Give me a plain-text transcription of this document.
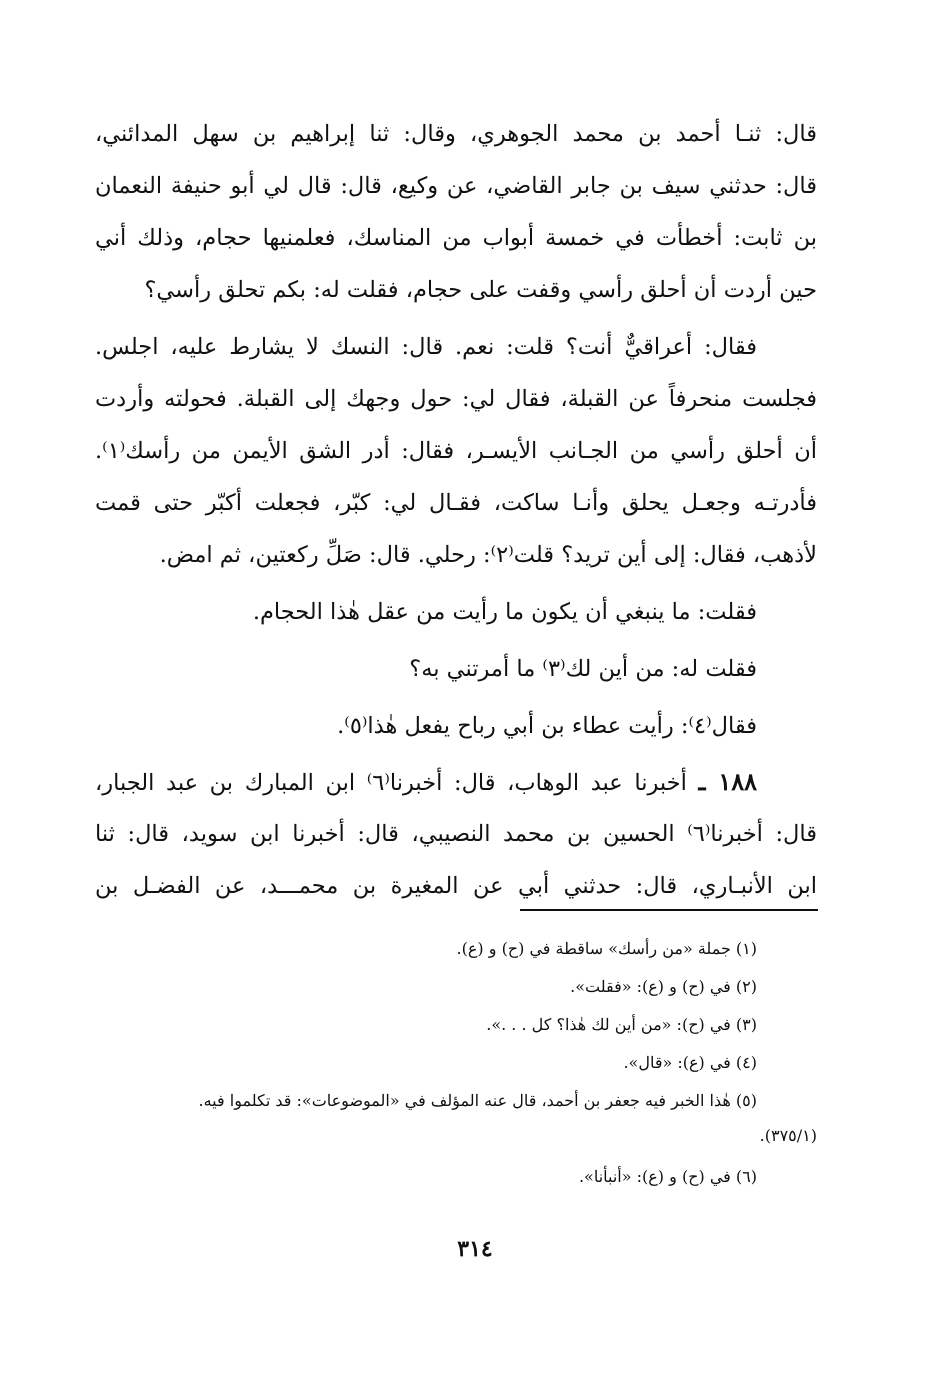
قال: ثنـا أحمد بن محمد الجوهري، وقال: ثنا إبراهيم بن سهل المدائني،
قال: حدثني سيف بن جابر القاضي، عن وكيع، قال: قال لي أبو حنيفة النعمان
بن ثابت: أخطأت في خمسة أبواب من المناسك، فعلمنيها حجام، وذلك أني
حين أردت أن أحلق رأسي وقفت على حجام، فقلت له: بكم تحلق رأسي؟
فقال: أعراقيٌّ أنت؟ قلت: نعم. قال: النسك لا يشارط عليه، اجلس.
فجلست منحرفاً عن القبلة، فقال لي: حول وجهك إلى القبلة. فحولته وأردت
أن أحلق رأسي من الجـانب الأيسـر، فقال: أدر الشق الأيمن من رأسك⁽١⁾.
فأدرتـه وجعـل يحلق وأنـا ساكت، فقـال لي: كبّر، فجعلت أكبّر حتى قمت
لأذهب، فقال: إلى أين تريد؟ قلت⁽٢⁾: رحلي. قال: صَلِّ ركعتين، ثم امض.
فقلت: ما ينبغي أن يكون ما رأيت من عقل هٰذا الحجام.
فقلت له: من أين لك⁽٣⁾ ما أمرتني به؟
فقال⁽٤⁾: رأيت عطاء بن أبي رباح يفعل هٰذا⁽٥⁾.
١٨٨ ـ أخبرنا عبد الوهاب، قال: أخبرنا⁽٦⁾ ابن المبارك بن عبد الجبار،
قال: أخبرنا⁽٦⁾ الحسين بن محمد النصيبي، قال: أخبرنا ابن سويد، قال: ثنا
ابن الأنبـاري، قال: حدثني أبي عن المغيرة بن محمـــد، عن الفضـل بن
(١) جملة «من رأسك» ساقطة في (ح) و (ع).
(٢) في (ح) و (ع): «فقلت».
(٣) في (ح): «من أين لك هٰذا؟ كل . . .».
(٤) في (ع): «قال».
(٥) هٰذا الخبر فيه جعفر بن أحمد، قال عنه المؤلف في «الموضوعات»: قد تكلموا فيه.
(٣٧٥/١).
(٦) في (ح) و (ع): «أنبأنا».
٣١٤
